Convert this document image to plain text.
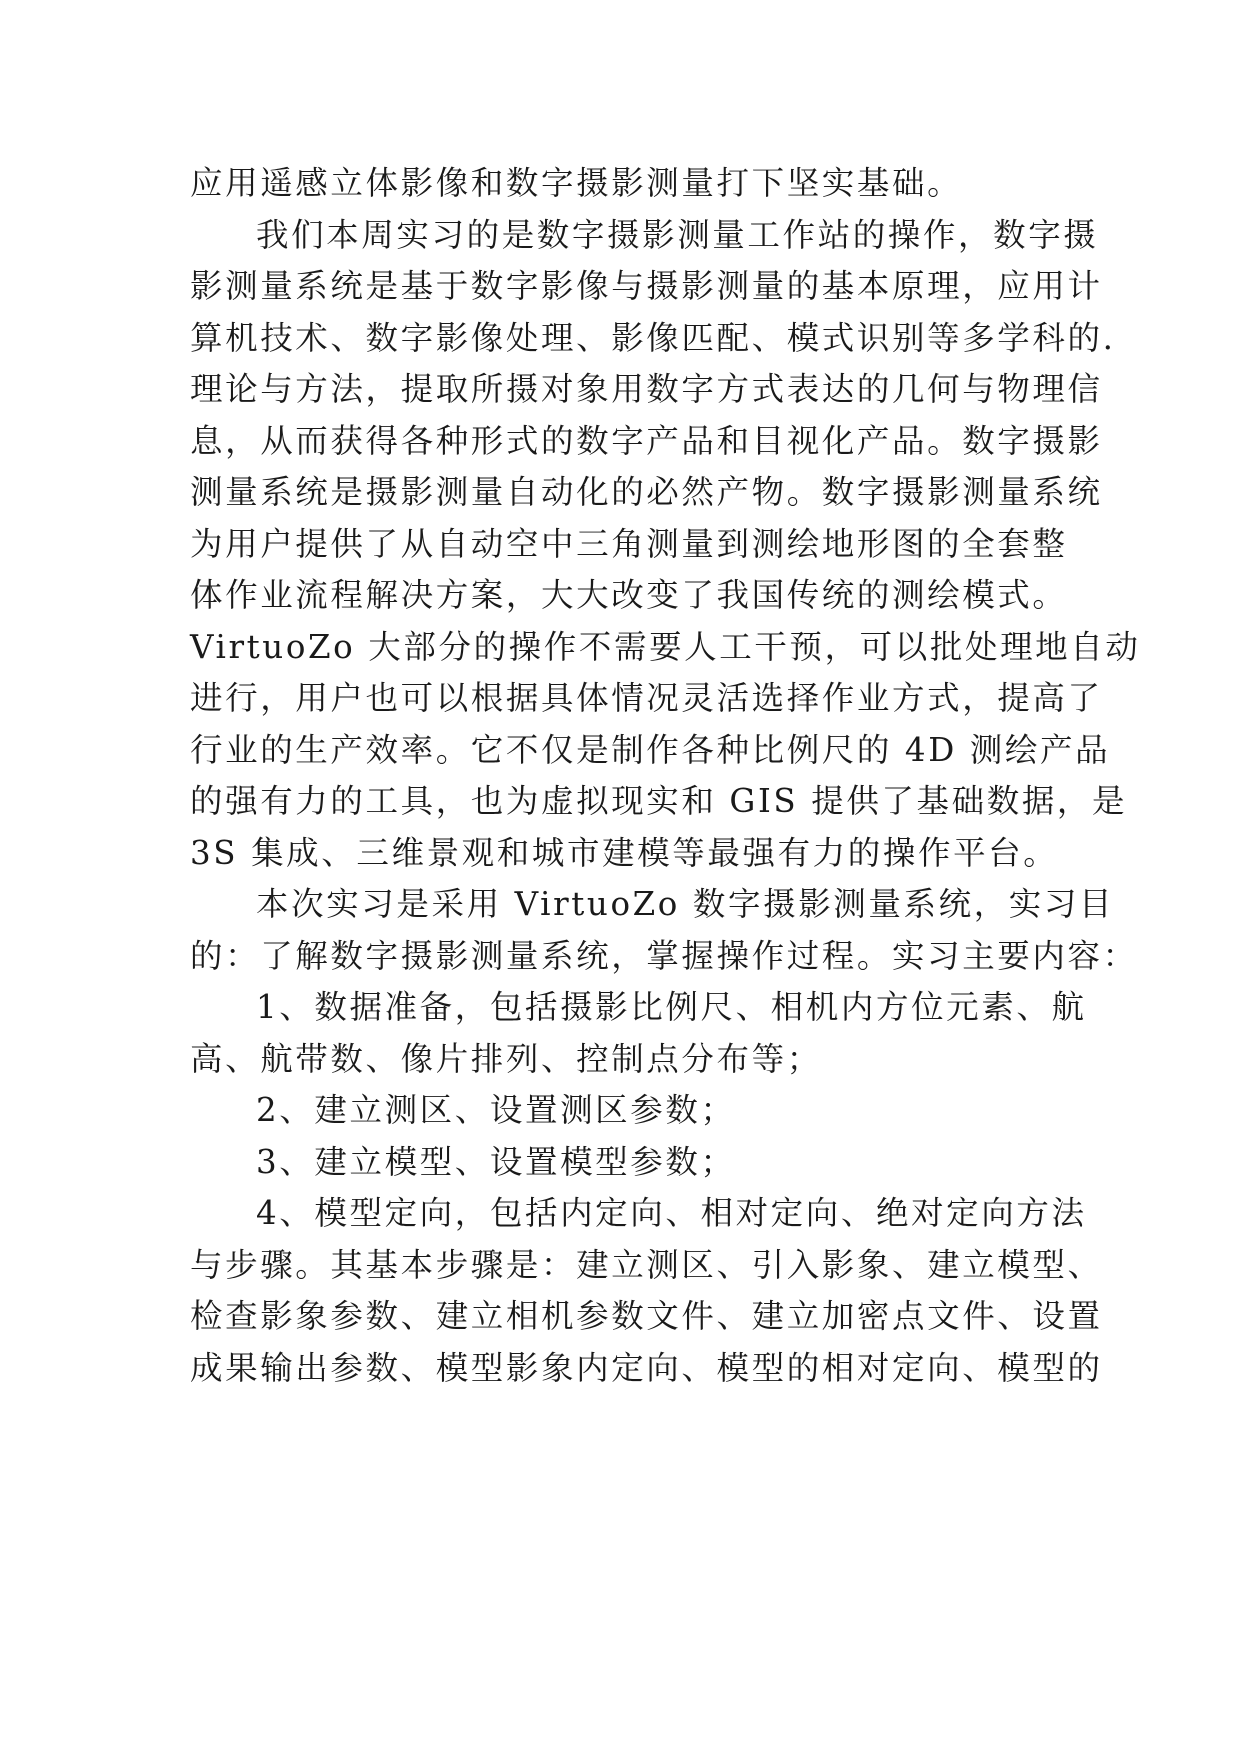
应用遥感立体影像和数字摄影测量打下坚实基础。
我们本周实习的是数字摄影测量工作站的操作，数字摄
影测量系统是基于数字影像与摄影测量的基本原理，应用计
算机技术、数字影像处理、影像匹配、模式识别等多学科的.
理论与方法，提取所摄对象用数字方式表达的几何与物理信
息，从而获得各种形式的数字产品和目视化产品。数字摄影
测量系统是摄影测量自动化的必然产物。数字摄影测量系统
为用户提供了从自动空中三角测量到测绘地形图的全套整
体作业流程解决方案，大大改变了我国传统的测绘模式。
VirtuoZo 大部分的操作不需要人工干预，可以批处理地自动
进行，用户也可以根据具体情况灵活选择作业方式，提高了
行业的生产效率。它不仅是制作各种比例尺的 4D 测绘产品
的强有力的工具，也为虚拟现实和 GIS 提供了基础数据，是
3S 集成、三维景观和城市建模等最强有力的操作平台。
本次实习是采用 VirtuoZo 数字摄影测量系统，实习目
的：了解数字摄影测量系统，掌握操作过程。实习主要内容：
1、数据准备，包括摄影比例尺、相机内方位元素、航
高、航带数、像片排列、控制点分布等；
2、建立测区、设置测区参数；
3、建立模型、设置模型参数；
4、模型定向，包括内定向、相对定向、绝对定向方法
与步骤。其基本步骤是：建立测区、引入影象、建立模型、
检查影象参数、建立相机参数文件、建立加密点文件、设置
成果输出参数、模型影象内定向、模型的相对定向、模型的
